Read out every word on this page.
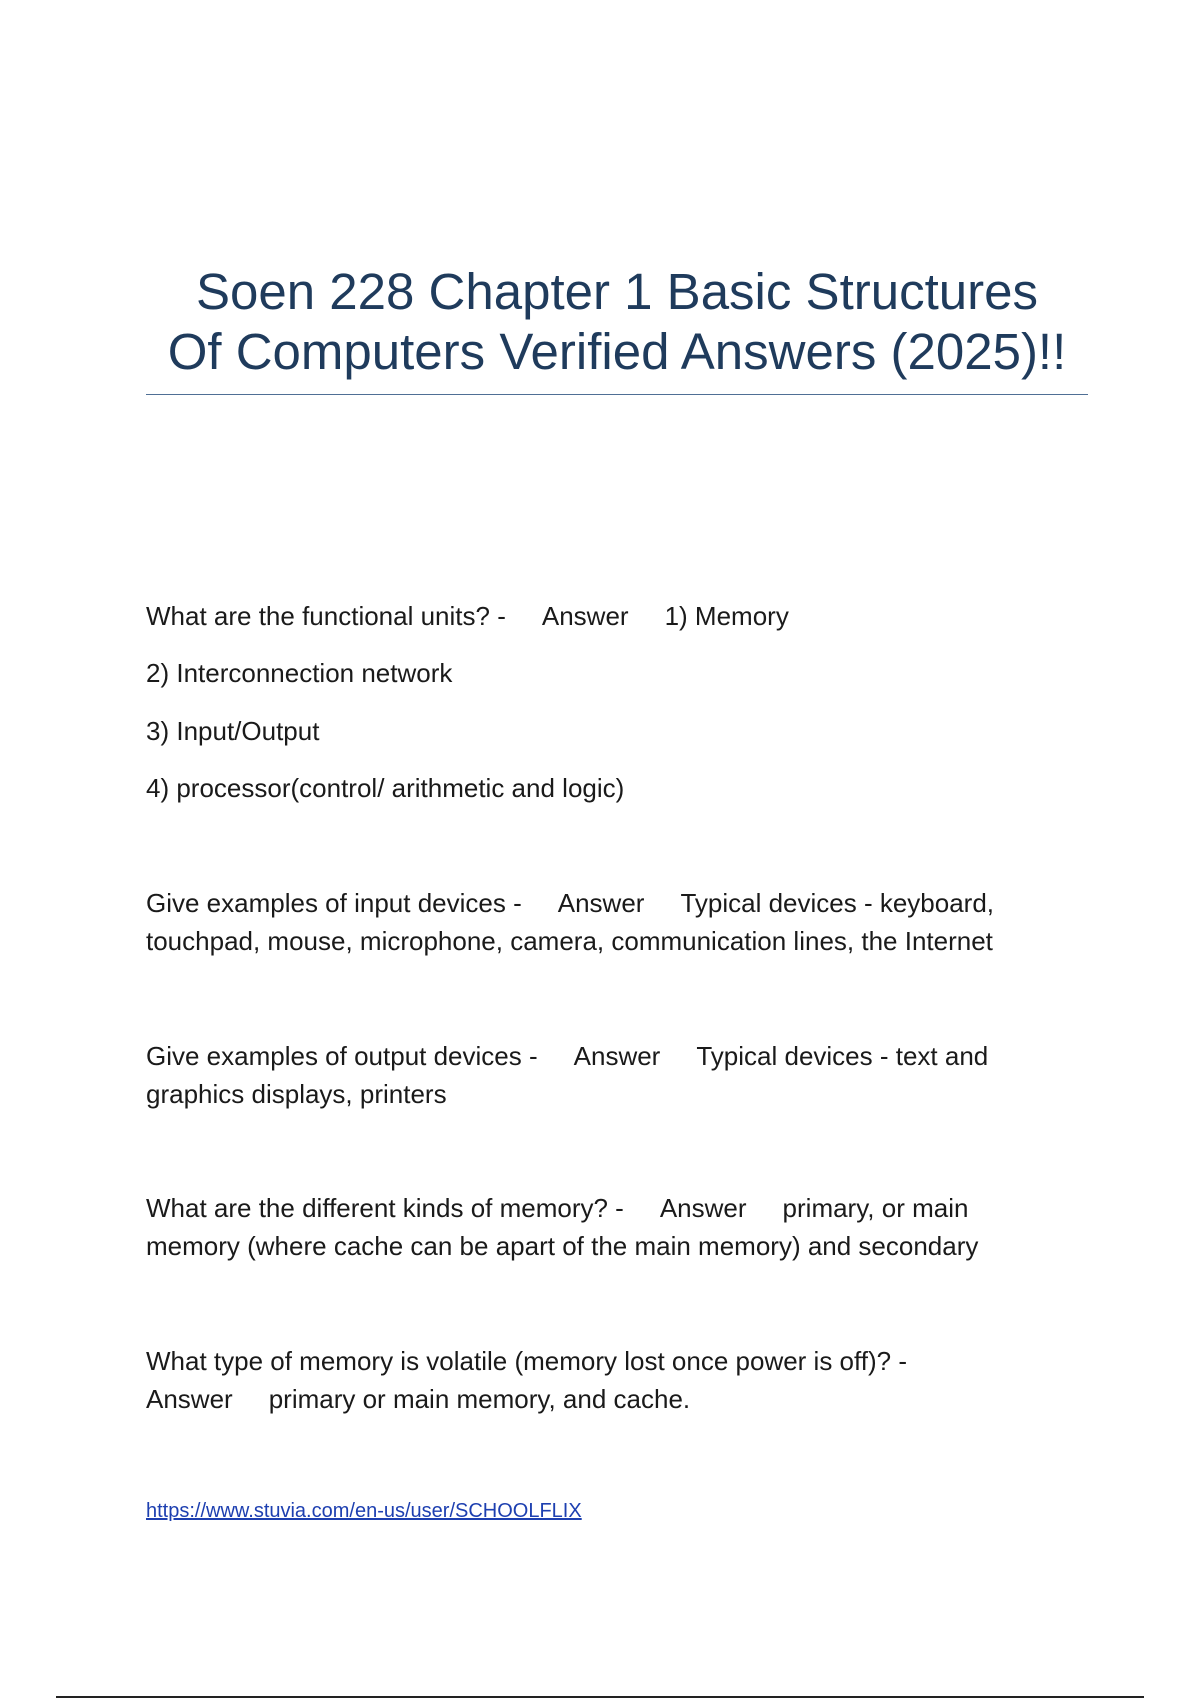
Soen 228 Chapter 1 Basic Structures
Of Computers Verified Answers (2025)!!
What are the functional units? - Answer 1) Memory
2) Interconnection network
3) Input/Output
4) processor(control/ arithmetic and logic)
Give examples of input devices - Answer Typical devices - keyboard,
touchpad, mouse, microphone, camera, communication lines, the Internet
Give examples of output devices - Answer Typical devices - text and
graphics displays, printers
What are the different kinds of memory? - Answer primary, or main
memory (where cache can be apart of the main memory) and secondary
What type of memory is volatile (memory lost once power is off)? -
Answer primary or main memory, and cache.
https://www.stuvia.com/en-us/user/SCHOOLFLIX
